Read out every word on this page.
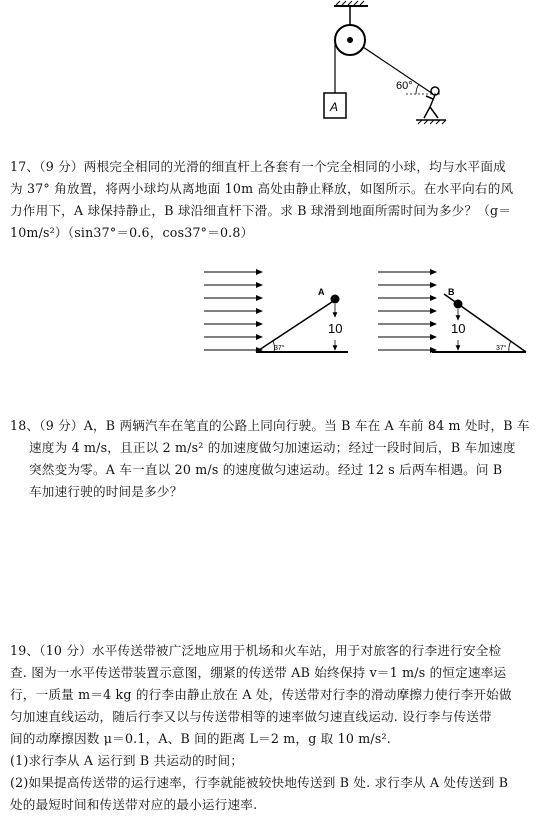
A
60°

17、（9 分）两根完全相同的光滑的细直杆上各套有一个完全相同的小球，均与水平面成

为 37° 角放置，将两小球均从离地面 10m 高处由静止释放，如图所示。在水平向右的风

力作用下，A 球保持静止，B 球沿细直杆下滑。求 B 球滑到地面所需时间为多少？（g＝

10m/s²）（sin37°＝0.6，cos37°＝0.8）

A
10
37°
B
10
37°

18、（9 分）A，B 两辆汽车在笔直的公路上同向行驶。当 B 车在 A 车前 84 m 处时，B 车

速度为 4 m/s，且正以 2 m/s² 的加速度做匀加速运动；经过一段时间后，B 车加速度

突然变为零。A 车一直以 20 m/s 的速度做匀速运动。经过 12 s 后两车相遇。问 B

车加速行驶的时间是多少？

19、（10 分）水平传送带被广泛地应用于机场和火车站，用于对旅客的行李进行安全检

查. 图为一水平传送带装置示意图，绷紧的传送带 AB 始终保持 v＝1 m/s 的恒定速率运

行，一质量 m＝4 kg 的行李由静止放在 A 处，传送带对行李的滑动摩擦力使行李开始做

匀加速直线运动，随后行李又以与传送带相等的速率做匀速直线运动. 设行李与传送带

间的动摩擦因数 μ＝0.1，A、B 间的距离 L＝2 m，g 取 10 m/s².

(1)求行李从 A 运行到 B 共运动的时间；

(2)如果提高传送带的运行速率，行李就能被较快地传送到 B 处. 求行李从 A 处传送到 B

处的最短时间和传送带对应的最小运行速率.
